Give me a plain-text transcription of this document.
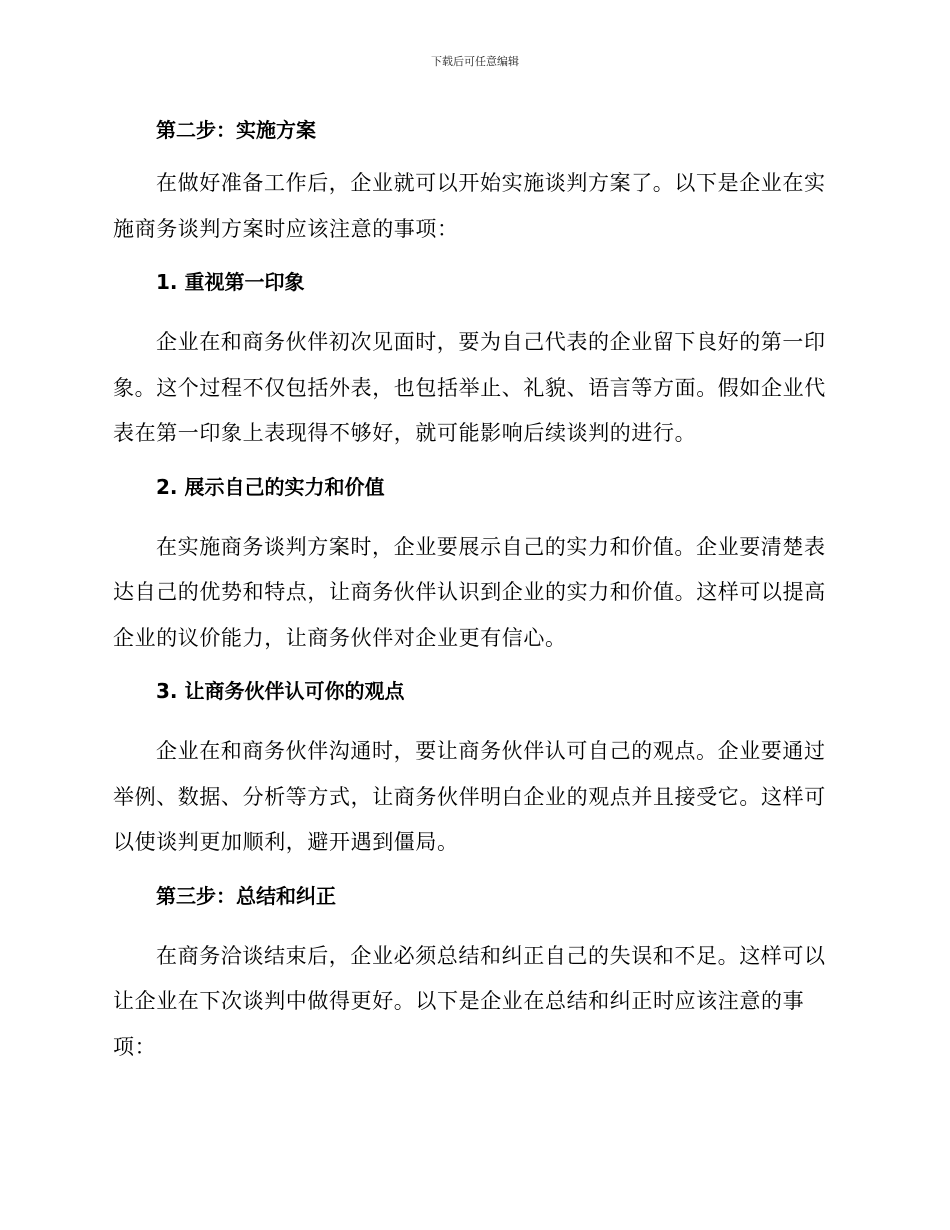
下载后可任意编辑

第二步：实施方案

在做好准备工作后，企业就可以开始实施谈判方案了。以下是企业在实施商务谈判方案时应该注意的事项：

1. 重视第一印象

企业在和商务伙伴初次见面时，要为自己代表的企业留下良好的第一印象。这个过程不仅包括外表，也包括举止、礼貌、语言等方面。假如企业代表在第一印象上表现得不够好，就可能影响后续谈判的进行。

2. 展示自己的实力和价值

在实施商务谈判方案时，企业要展示自己的实力和价值。企业要清楚表达自己的优势和特点，让商务伙伴认识到企业的实力和价值。这样可以提高企业的议价能力，让商务伙伴对企业更有信心。

3. 让商务伙伴认可你的观点

企业在和商务伙伴沟通时，要让商务伙伴认可自己的观点。企业要通过举例、数据、分析等方式，让商务伙伴明白企业的观点并且接受它。这样可以使谈判更加顺利，避开遇到僵局。

第三步：总结和纠正

在商务洽谈结束后，企业必须总结和纠正自己的失误和不足。这样可以让企业在下次谈判中做得更好。以下是企业在总结和纠正时应该注意的事项：
